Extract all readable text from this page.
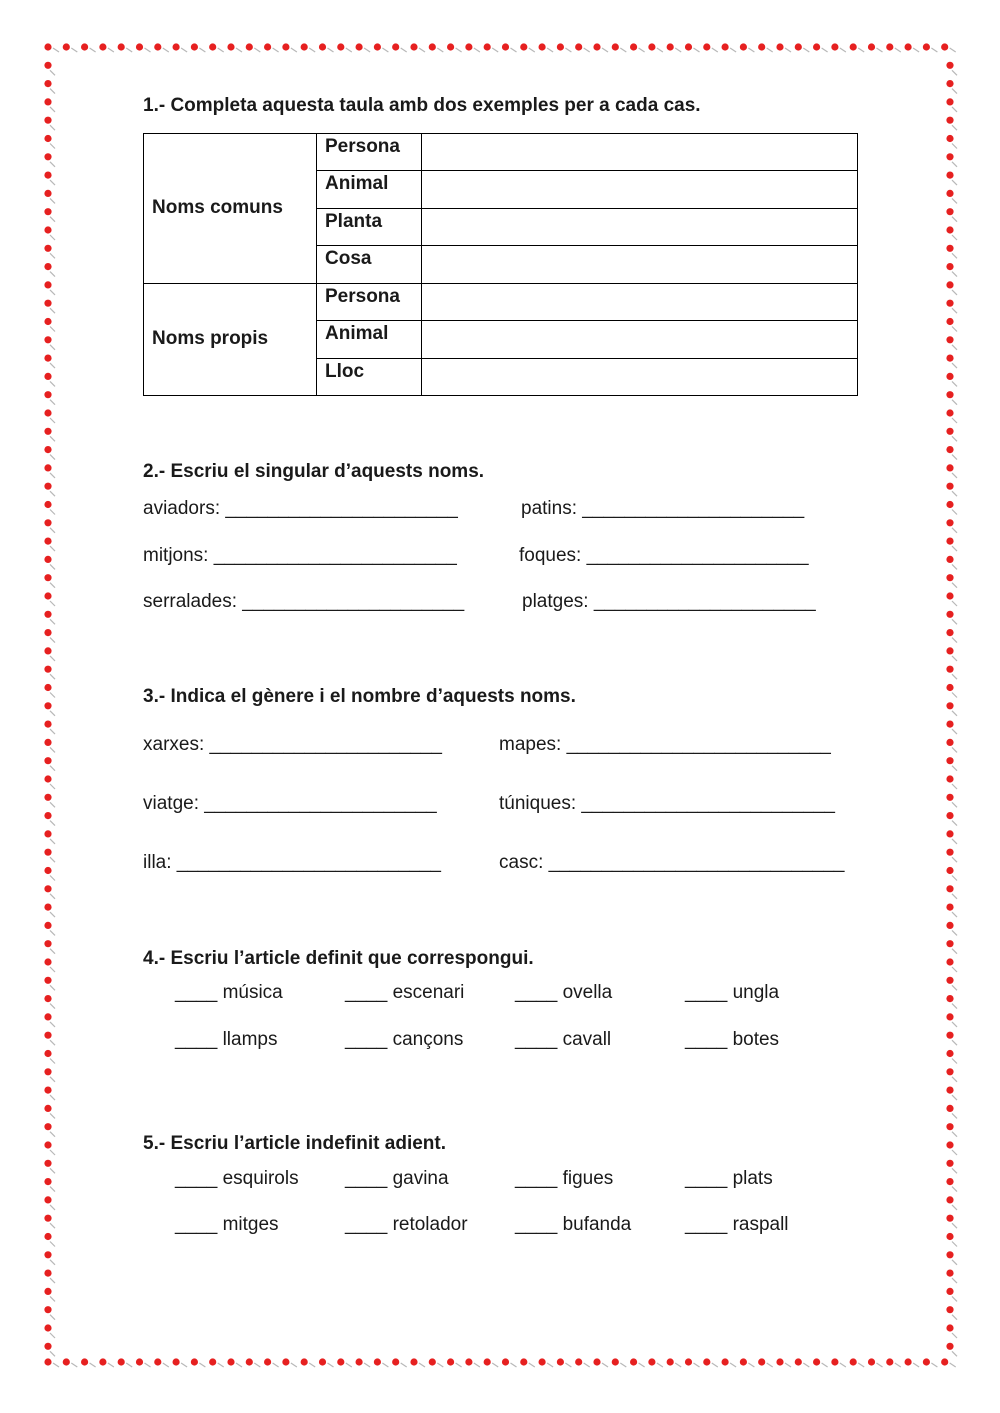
1.- Completa aquesta taula amb dos exemples per a cada cas.
Noms comuns	Persona	
	Animal	
	Planta	
	Cosa	
Noms propis	Persona	
	Animal	
	Lloc	
2.- Escriu el singular d’aquests noms.
aviadors: ______________________	patins: _____________________
mitjons: _______________________	foques: _____________________
serralades: _____________________	platges: _____________________
3.- Indica el gènere i el nombre d’aquests noms.
xarxes: ______________________	mapes: _________________________
viatge: ______________________	túniques: ________________________
illa: _________________________	casc: ____________________________
4.- Escriu l’article definit que correspongui.
____ música	____ escenari	____ ovella	____ ungla
____ llamps	____ cançons	____ cavall	____ botes
5.- Escriu l’article indefinit adient.
____ esquirols ____ gavina	____ figues	____ plats
____ mitges	____ retolador ____ bufanda	____ raspall
